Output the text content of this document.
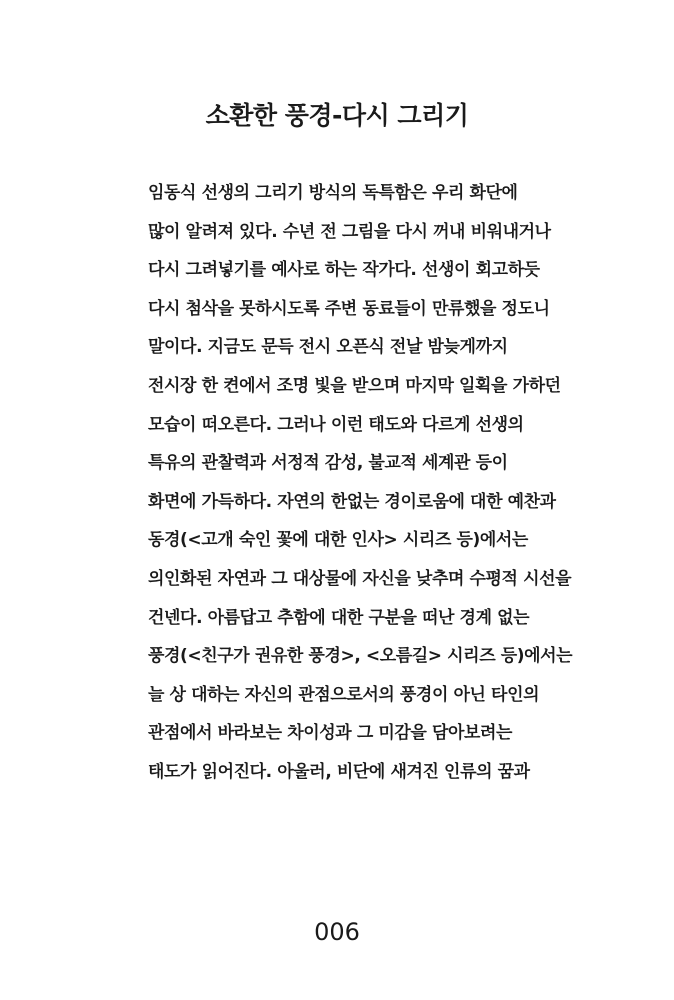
소환한 풍경-다시 그리기
임동식 선생의 그리기 방식의 독특함은 우리 화단에
많이 알려져 있다. 수년 전 그림을 다시 꺼내 비워내거나
다시 그려넣기를 예사로 하는 작가다. 선생이 회고하듯
다시 첨삭을 못하시도록 주변 동료들이 만류했을 정도니
말이다. 지금도 문득 전시 오픈식 전날 밤늦게까지
전시장 한 켠에서 조명 빛을 받으며 마지막 일획을 가하던
모습이 떠오른다. 그러나 이런 태도와 다르게 선생의
특유의 관찰력과 서정적 감성, 불교적 세계관 등이
화면에 가득하다. 자연의 한없는 경이로움에 대한 예찬과
동경(<고개 숙인 꽃에 대한 인사> 시리즈 등)에서는
의인화된 자연과 그 대상물에 자신을 낮추며 수평적 시선을
건넨다. 아름답고 추함에 대한 구분을 떠난 경계 없는
풍경(<친구가 권유한 풍경>, <오름길> 시리즈 등)에서는
늘 상 대하는 자신의 관점으로서의 풍경이 아닌 타인의
관점에서 바라보는 차이성과 그 미감을 담아보려는
태도가 읽어진다. 아울러, 비단에 새겨진 인류의 꿈과
006
